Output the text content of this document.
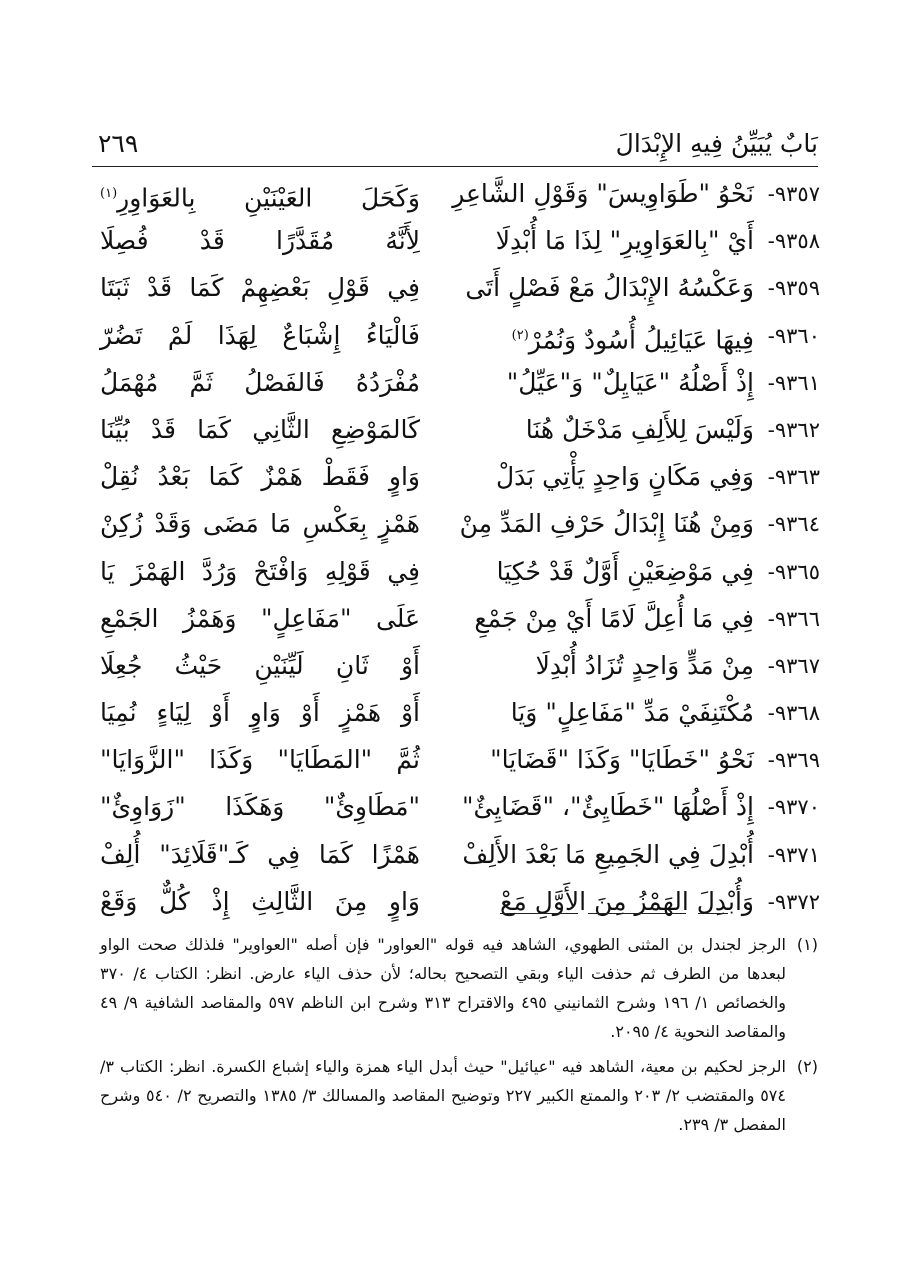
بَابٌ يُبَيِّنُ فِيهِ الإِبْدَالَ
٢٦٩
٩٣٥٧-
نَحْوُ "طَوَاوِيسَ" وَقَوْلِ الشَّاعِرِ
وَكَحَلَ العَيْنَيْنِ بِالعَوَاوِرِ$^{(١)}$
٩٣٥٨-
أَيْ "بِالعَوَاوِيرِ" لِذَا مَا أُبْدِلَا
لِأَنَّهُ مُقَدَّرًا قَدْ فُصِلَا
٩٣٥٩-
وَعَكْسُهُ الإِبْدَالُ مَعْ فَصْلٍ أَتَى
فِي قَوْلِ بَعْضِهِمْ كَمَا قَدْ ثَبَتَا
٩٣٦٠-
فِيهَا عَيَائِيلُ أُسُودٌ وَنُمُرْ$^{(٢)}$
فَالْيَاءُ إِشْبَاعٌ لِهَذَا لَمْ تَضُرّ
٩٣٦١-
إِذْ أَصْلُهُ "عَيَايِلٌ" وَ"عَيِّلُ"
مُفْرَدُهُ فَالفَصْلُ ثَمَّ مُهْمَلُ
٩٣٦٢-
وَلَيْسَ لِلأَلِفِ مَدْخَلٌ هُنَا
كَالمَوْضِعِ الثَّانِي كَمَا قَدْ بُيِّنَا
٩٣٦٣-
وَفِي مَكَانٍ وَاحِدٍ يَأْتِي بَدَلْ
وَاوٍ فَقَطْ هَمْزٌ كَمَا بَعْدُ نُقِلْ
٩٣٦٤-
وَمِنْ هُنَا إِبْدَالُ حَرْفِ المَدِّ مِنْ
هَمْزٍ بِعَكْسِ مَا مَضَى وَقَدْ زُكِنْ
٩٣٦٥-
فِي مَوْضِعَيْنِ أَوَّلٌ قَدْ حُكِيَا
فِي قَوْلِهِ وَافْتَحْ وَرُدَّ الهَمْزَ يَا
٩٣٦٦-
فِي مَا أُعِلَّ لَامًا أَيْ مِنْ جَمْعِ
عَلَى "مَفَاعِلٍ" وَهَمْزُ الجَمْعِ
٩٣٦٧-
مِنْ مَدٍّ وَاحِدٍ تُزَادُ أُبْدِلَا
أَوْ ثَانِ لَيِّنَيْنِ حَيْثُ جُعِلَا
٩٣٦٨-
مُكْتَنِفَيْ مَدِّ "مَفَاعِلٍ" وَيَا
أَوْ هَمْزٍ أَوْ وَاوٍ أَوْ لِيَاءٍ نُمِيَا
٩٣٦٩-
نَحْوُ "خَطَايَا" وَكَذَا "قَضَايَا"
ثُمَّ "المَطَايَا" وَكَذَا "الزَّوَايَا"
٩٣٧٠-
إِذْ أَصْلُهَا "خَطَايِئٌ"، "قَضَايِئٌ"
"مَطَاوِئٌ" وَهَكَذَا "زَوَاوِئٌ"
٩٣٧١-
أُبْدِلَ فِي الجَمِيعِ مَا بَعْدَ الأَلِفْ
هَمْزًا كَمَا فِي كَـ"قَلَائِدَ" أُلِفْ
٩٣٧٢-
وَأُبْدِلَ الهَمْزُ مِنَ الأَوَّلِ مَعْ
وَاوٍ مِنَ الثَّالِثِ إِذْ كُلٌّ وَقَعْ
(١)الرجز لجندل بن المثنى الطهوي، الشاهد فيه قوله "العواور" فإن أصله "العواوير" فلذلك صحت الواو لبعدها من الطرف ثم حذفت الياء وبقي التصحيح بحاله؛ لأن حذف الياء عارض. انظر: الكتاب ٤/ ٣٧٠ والخصائص ١/ ١٩٦ وشرح الثمانيني ٤٩٥ والاقتراح ٣١٣ وشرح ابن الناظم ٥٩٧ والمقاصد الشافية ٩/ ٤٩ والمقاصد النحوية ٤/ ٢٠٩٥.
(٢)الرجز لحكيم بن معية، الشاهد فيه "عيائيل" حيث أبدل الياء همزة والياء إشباع الكسرة. انظر: الكتاب ٣/ ٥٧٤ والمقتضب ٢/ ٢٠٣ والممتع الكبير ٢٢٧ وتوضيح المقاصد والمسالك ٣/ ١٣٨٥ والتصريح ٢/ ٥٤٠ وشرح المفصل ٣/ ٢٣٩.
